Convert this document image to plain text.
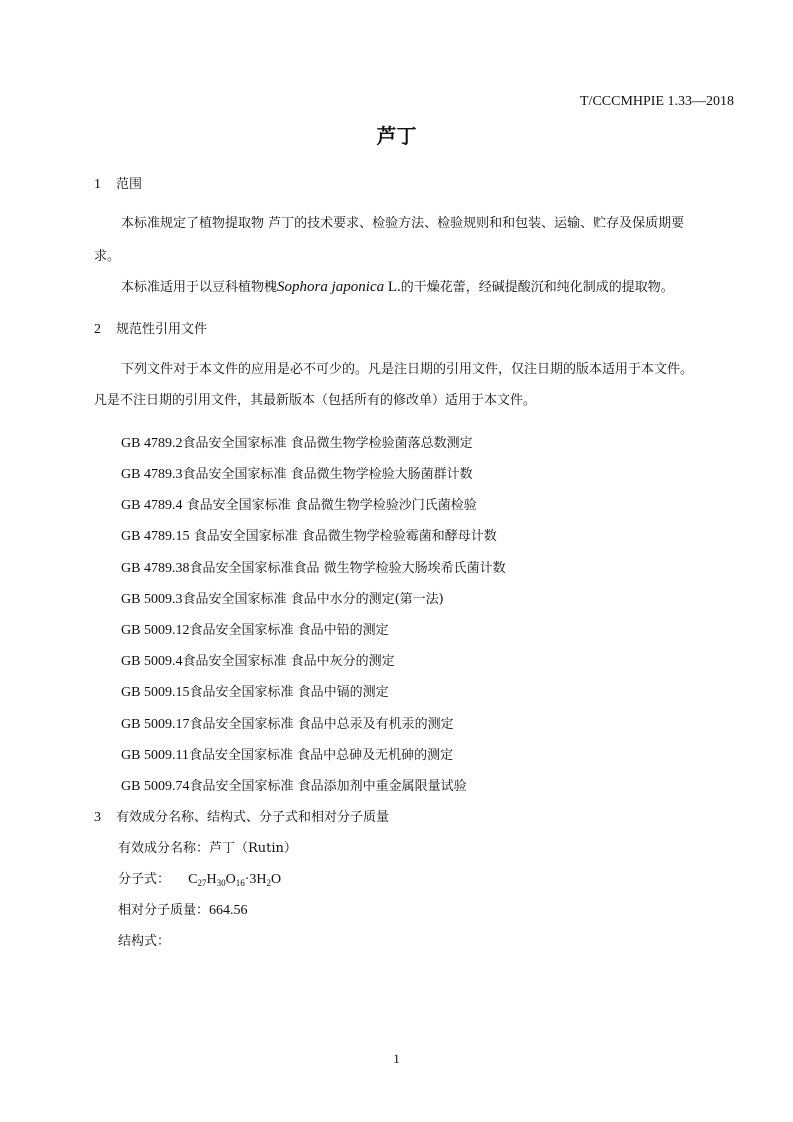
T/CCCMHPIE 1.33—2018
芦丁
1 范围
本标准规定了植物提取物 芦丁的技术要求、检验方法、检验规则和和包装、运输、贮存及保质期要
求。
本标准适用于以豆科植物槐Sophora japonica L.的干燥花蕾，经碱提酸沉和纯化制成的提取物。
2 规范性引用文件
下列文件对于本文件的应用是必不可少的。凡是注日期的引用文件，仅注日期的版本适用于本文件。
凡是不注日期的引用文件，其最新版本（包括所有的修改单）适用于本文件。
GB 4789.2食品安全国家标准 食品微生物学检验菌落总数测定
GB 4789.3食品安全国家标准 食品微生物学检验大肠菌群计数
GB 4789.4 食品安全国家标准 食品微生物学检验沙门氏菌检验
GB 4789.15 食品安全国家标准 食品微生物学检验霉菌和酵母计数
GB 4789.38食品安全国家标准食品 微生物学检验大肠埃希氏菌计数
GB 5009.3食品安全国家标准 食品中水分的测定(第一法)
GB 5009.12食品安全国家标准 食品中铅的测定
GB 5009.4食品安全国家标准 食品中灰分的测定
GB 5009.15食品安全国家标准 食品中镉的测定
GB 5009.17食品安全国家标准 食品中总汞及有机汞的测定
GB 5009.11食品安全国家标准 食品中总砷及无机砷的测定
GB 5009.74食品安全国家标准 食品添加剂中重金属限量试验
3 有效成分名称、结构式、分子式和相对分子质量
有效成分名称：芦丁（Rutin）
分子式： $C_{27}H_{30}O_{16}\cdot 3H_2O$
相对分子质量：664.56
结构式：
1
